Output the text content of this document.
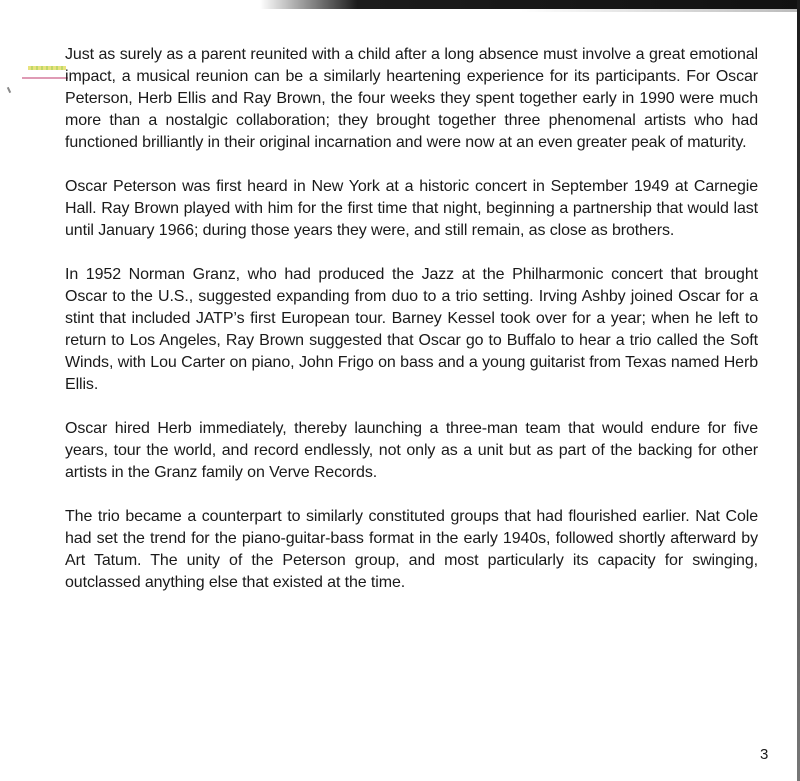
Just as surely as a parent reunited with a child after a long absence must involve a great emotional impact, a musical reunion can be a similarly heartening experience for its participants. For Oscar Peterson, Herb Ellis and Ray Brown, the four weeks they spent together early in 1990 were much more than a nostalgic collaboration; they brought together three phenomenal artists who had functioned brilliantly in their original incarnation and were now at an even greater peak of maturity.

Oscar Peterson was first heard in New York at a historic concert in September 1949 at Carnegie Hall. Ray Brown played with him for the first time that night, beginning a partnership that would last until January 1966; during those years they were, and still remain, as close as brothers.

In 1952 Norman Granz, who had produced the Jazz at the Philharmonic concert that brought Oscar to the U.S., suggested expanding from duo to a trio setting. Irving Ashby joined Oscar for a stint that included JATP’s first European tour. Barney Kessel took over for a year; when he left to return to Los Angeles, Ray Brown suggested that Oscar go to Buffalo to hear a trio called the Soft Winds, with Lou Carter on piano, John Frigo on bass and a young guitarist from Texas named Herb Ellis.

Oscar hired Herb immediately, thereby launching a three-man team that would endure for five years, tour the world, and record endlessly, not only as a unit but as part of the backing for other artists in the Granz family on Verve Records.

The trio became a counterpart to similarly constituted groups that had flourished earlier. Nat Cole had set the trend for the piano-guitar-bass format in the early 1940s, followed shortly afterward by Art Tatum. The unity of the Peterson group, and most particularly its capacity for swinging, outclassed anything else that existed at the time.

3
